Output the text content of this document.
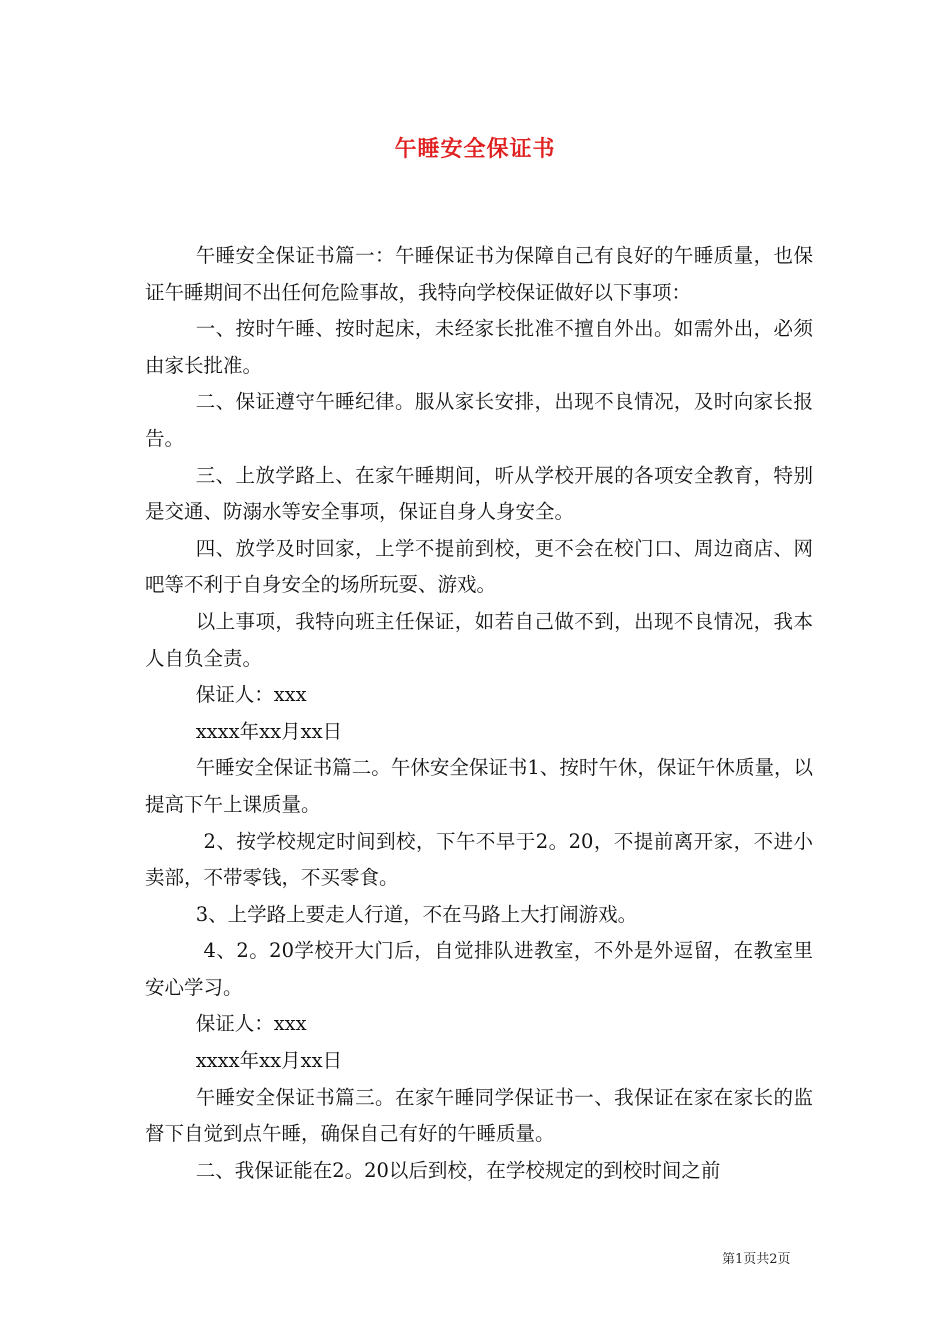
午睡安全保证书

午睡安全保证书篇一：午睡保证书为保障自己有良好的午睡质量，也保证午睡期间不出任何危险事故，我特向学校保证做好以下事项：

一、按时午睡、按时起床，未经家长批准不擅自外出。如需外出，必须由家长批准。

二、保证遵守午睡纪律。服从家长安排，出现不良情况，及时向家长报告。

三、上放学路上、在家午睡期间，听从学校开展的各项安全教育，特别是交通、防溺水等安全事项，保证自身人身安全。

四、放学及时回家，上学不提前到校，更不会在校门口、周边商店、网吧等不利于自身安全的场所玩耍、游戏。

以上事项，我特向班主任保证，如若自己做不到，出现不良情况，我本人自负全责。

保证人：xxx

xxxx年xx月xx日

午睡安全保证书篇二。午休安全保证书1、按时午休，保证午休质量，以提高下午上课质量。

2、按学校规定时间到校，下午不早于2。20，不提前离开家，不进小卖部，不带零钱，不买零食。

3、上学路上要走人行道，不在马路上大打闹游戏。

4、2。20学校开大门后，自觉排队进教室，不外是外逗留，在教室里安心学习。

保证人：xxx

xxxx年xx月xx日

午睡安全保证书篇三。在家午睡同学保证书一、我保证在家在家长的监督下自觉到点午睡，确保自己有好的午睡质量。

二、我保证能在2。20以后到校，在学校规定的到校时间之前

第1页共2页
